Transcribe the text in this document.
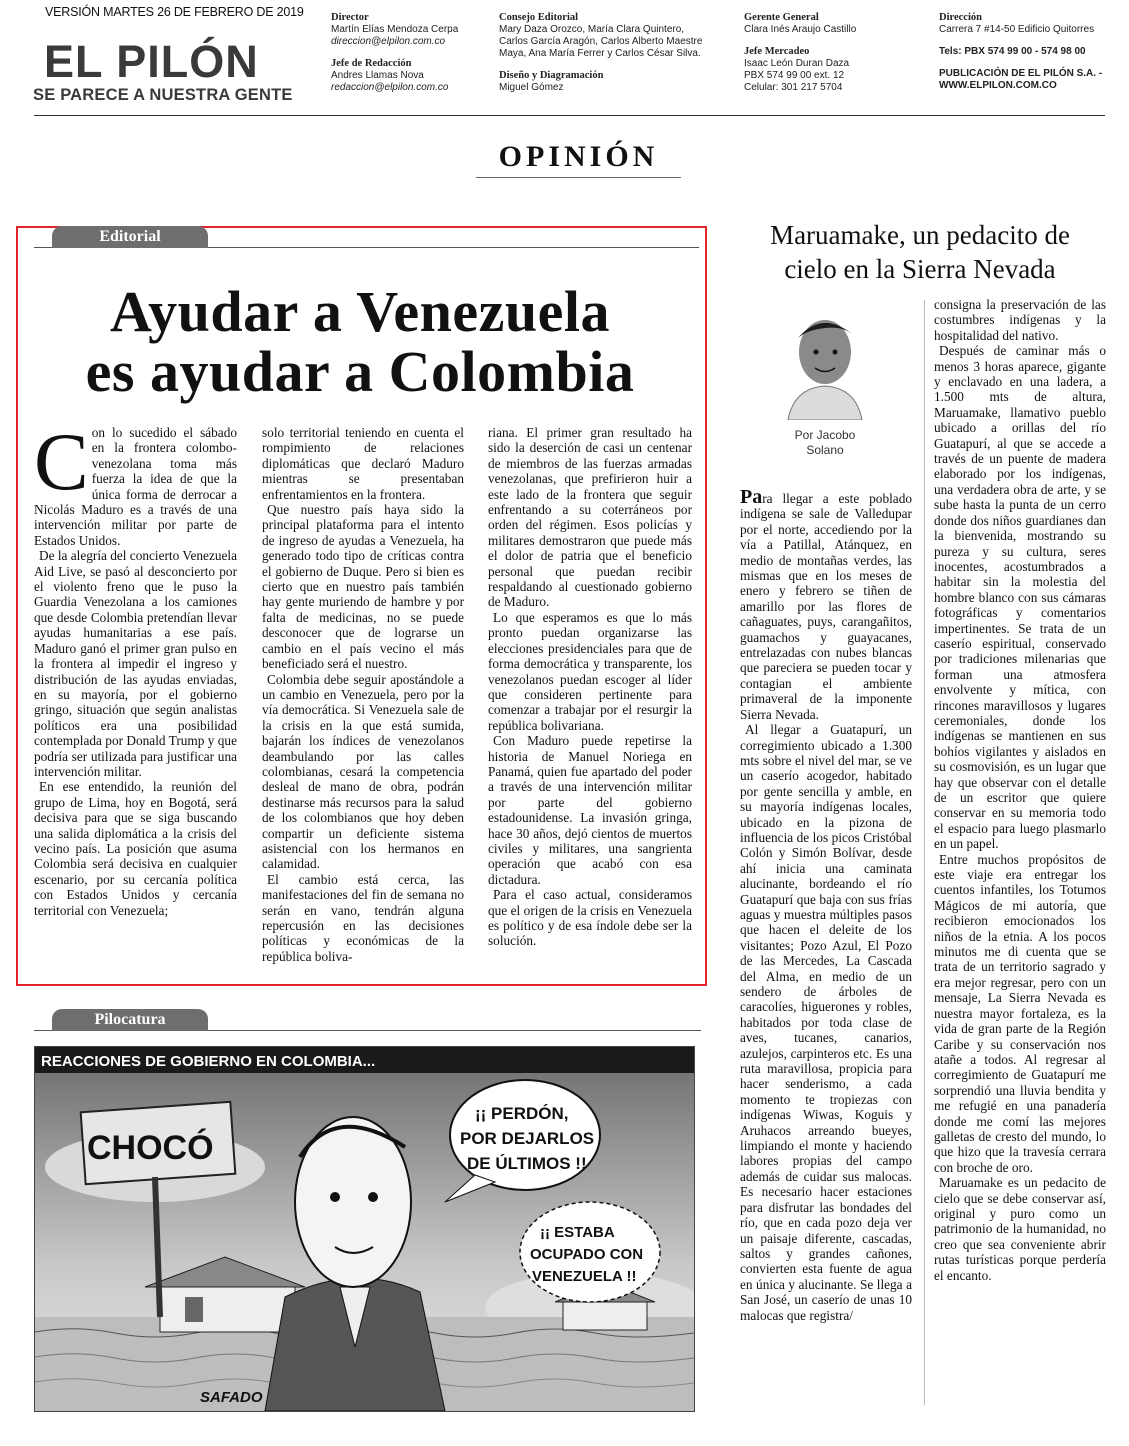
VERSIÓN MARTES 26 DE FEBRERO DE 2019
EL PILÓN
SE PARECE A NUESTRA GENTE
Director
Martín Elías Mendoza Cerpa
direccion@elpilon.com.co
Jefe de Redacción
Andres Llamas Nova
redaccion@elpilon.com.co
Consejo Editorial
Mary Daza Orozco, María Clara Quintero,
Carlos García Aragón, Carlos Alberto Maestre
Maya, Ana María Ferrer y Carlos César Silva.
Diseño y Diagramación
Miguel Gómez
Gerente General
Clara Inés Araujo Castillo
Jefe Mercadeo
Isaac León Duran Daza
PBX 574 99 00 ext. 12
Celular: 301 217 5704
Dirección
Carrera 7 #14-50 Edificio Quitorres
Tels: PBX 574 99 00 - 574 98 00
PUBLICACIÓN DE EL PILÓN S.A. -
WWW.ELPILON.COM.CO
OPINIÓN
Editorial
Ayudar a Venezuela
es ayudar a Colombia

Con lo sucedido el sábado en la frontera colombo-venezolana toma más fuerza la idea de que la única forma de derrocar a Nicolás Maduro es a través de una intervención militar por parte de Estados Unidos.

De la alegría del concierto Venezuela Aid Live, se pasó al desconcierto por el violento freno que le puso la Guardia Venezolana a los camiones que desde Colombia pretendían llevar ayudas humanitarias a ese país. Maduro ganó el primer gran pulso en la frontera al impedir el ingreso y distribución de las ayudas enviadas, en su mayoría, por el gobierno gringo, situación que según analistas políticos era una posibilidad contemplada por Donald Trump y que podría ser utilizada para justificar una intervención militar.

En ese entendido, la reunión del grupo de Lima, hoy en Bogotá, será decisiva para que se siga buscando una salida diplomática a la crisis del vecino país. La posición que asuma Colombia será decisiva en cualquier escenario, por su cercanía política con Estados Unidos y cercanía territorial con Venezuela;

solo territorial teniendo en cuenta el rompimiento de relaciones diplomáticas que declaró Maduro mientras se presentaban enfrentamientos en la frontera.

Que nuestro país haya sido la principal plataforma para el intento de ingreso de ayudas a Venezuela, ha generado todo tipo de críticas contra el gobierno de Duque. Pero si bien es cierto que en nuestro país también hay gente muriendo de hambre y por falta de medicinas, no se puede desconocer que de lograrse un cambio en el país vecino el más beneficiado será el nuestro.

Colombia debe seguir apostándole a un cambio en Venezuela, pero por la vía democrática. Si Venezuela sale de la crisis en la que está sumida, bajarán los índices de venezolanos deambulando por las calles colombianas, cesará la competencia desleal de mano de obra, podrán destinarse más recursos para la salud de los colombianos que hoy deben compartir un deficiente sistema asistencial con los hermanos en calamidad.

El cambio está cerca, las manifestaciones del fin de semana no serán en vano, tendrán alguna repercusión en las decisiones políticas y económicas de la república boliva-

riana. El primer gran resultado ha sido la deserción de casi un centenar de miembros de las fuerzas armadas venezolanas, que prefirieron huir a este lado de la frontera que seguir enfrentando a su coterráneos por orden del régimen. Esos policías y militares demostraron que puede más el dolor de patria que el beneficio personal que puedan recibir respaldando al cuestionado gobierno de Maduro.

Lo que esperamos es que lo más pronto puedan organizarse las elecciones presidenciales para que de forma democrática y transparente, los venezolanos puedan escoger al líder que consideren pertinente para comenzar a trabajar por el resurgir la república bolivariana.

Con Maduro puede repetirse la historia de Manuel Noriega en Panamá, quien fue apartado del poder a través de una intervención militar por parte del gobierno estadounidense. La invasión gringa, hace 30 años, dejó cientos de muertos civiles y militares, una sangrienta operación que acabó con esa dictadura.

Para el caso actual, consideramos que el origen de la crisis en Venezuela es político y de esa índole debe ser la solución.

Pilocatura
REACCIONES DE GOBIERNO EN COLOMBIA...
CHOCÓ
¡¡ PERDÓN,
POR DEJARLOS
DE ÚLTIMOS !!
¡¡ ESTABA
OCUPADO CON
VENEZUELA !!
SAFADO
Maruamake, un pedacito de
cielo en la Sierra Nevada
Por Jacobo
Solano

Para llegar a este poblado indígena se sale de Valledupar por el norte, accediendo por la vía a Patillal, Atánquez, en medio de montañas verdes, las mismas que en los meses de enero y febrero se tiñen de amarillo por las flores de cañaguates, puys, carangañitos, guamachos y guayacanes, entrelazadas con nubes blancas que pareciera se pueden tocar y contagian el ambiente primaveral de la imponente Sierra Nevada.

Al llegar a Guatapurí, un corregimiento ubicado a 1.300 mts sobre el nivel del mar, se ve un caserío acogedor, habitado por gente sencilla y amble, en su mayoría indígenas locales, ubicado en la pizona de influencia de los picos Cristóbal Colón y Simón Bolívar, desde ahí inicia una caminata alucinante, bordeando el río Guatapurí que baja con sus frías aguas y muestra múltiples pasos que hacen el deleite de los visitantes; Pozo Azul, El Pozo de las Mercedes, La Cascada del Alma, en medio de un sendero de árboles de caracolíes, higuerones y robles, habitados por toda clase de aves, tucanes, canarios, azulejos, carpinteros etc. Es una ruta maravillosa, propicia para hacer senderismo, a cada momento te tropiezas con indígenas Wiwas, Koguis y Aruhacos arreando bueyes, limpiando el monte y haciendo labores propias del campo además de cuidar sus malocas. Es necesario hacer estaciones para disfrutar las bondades del río, que en cada pozo deja ver un paisaje diferente, cascadas, saltos y grandes cañones, convierten esta fuente de agua en única y alucinante. Se llega a San José, un caserío de unas 10 malocas que registra/

consigna la preservación de las costumbres indígenas y la hospitalidad del nativo.

Después de caminar más o menos 3 horas aparece, gigante y enclavado en una ladera, a 1.500 mts de altura, Maruamake, llamativo pueblo ubicado a orillas del río Guatapurí, al que se accede a través de un puente de madera elaborado por los indígenas, una verdadera obra de arte, y se sube hasta la punta de un cerro donde dos niños guardianes dan la bienvenida, mostrando su pureza y su cultura, seres inocentes, acostumbrados a habitar sin la molestia del hombre blanco con sus cámaras fotográficas y comentarios impertinentes. Se trata de un caserío espiritual, conservado por tradiciones milenarias que forman una atmosfera envolvente y mítica, con rincones maravillosos y lugares ceremoniales, donde los indígenas se mantienen en sus bohíos vigilantes y aislados en su cosmovisión, es un lugar que hay que observar con el detalle de un escritor que quiere conservar en su memoria todo el espacio para luego plasmarlo en un papel.

Entre muchos propósitos de este viaje era entregar los cuentos infantiles, los Totumos Mágicos de mi autoría, que recibieron emocionados los niños de la etnia. A los pocos minutos me di cuenta que se trata de un territorio sagrado y era mejor regresar, pero con un mensaje, La Sierra Nevada es nuestra mayor fortaleza, es la vida de gran parte de la Región Caribe y su conservación nos atañe a todos. Al regresar al corregimiento de Guatapurí me sorprendió una lluvia bendita y me refugié en una panadería donde me comí las mejores galletas de cresto del mundo, lo que hizo que la travesía cerrara con broche de oro.

Maruamake es un pedacito de cielo que se debe conservar así, original y puro como un patrimonio de la humanidad, no creo que sea conveniente abrir rutas turísticas porque perdería el encanto.
